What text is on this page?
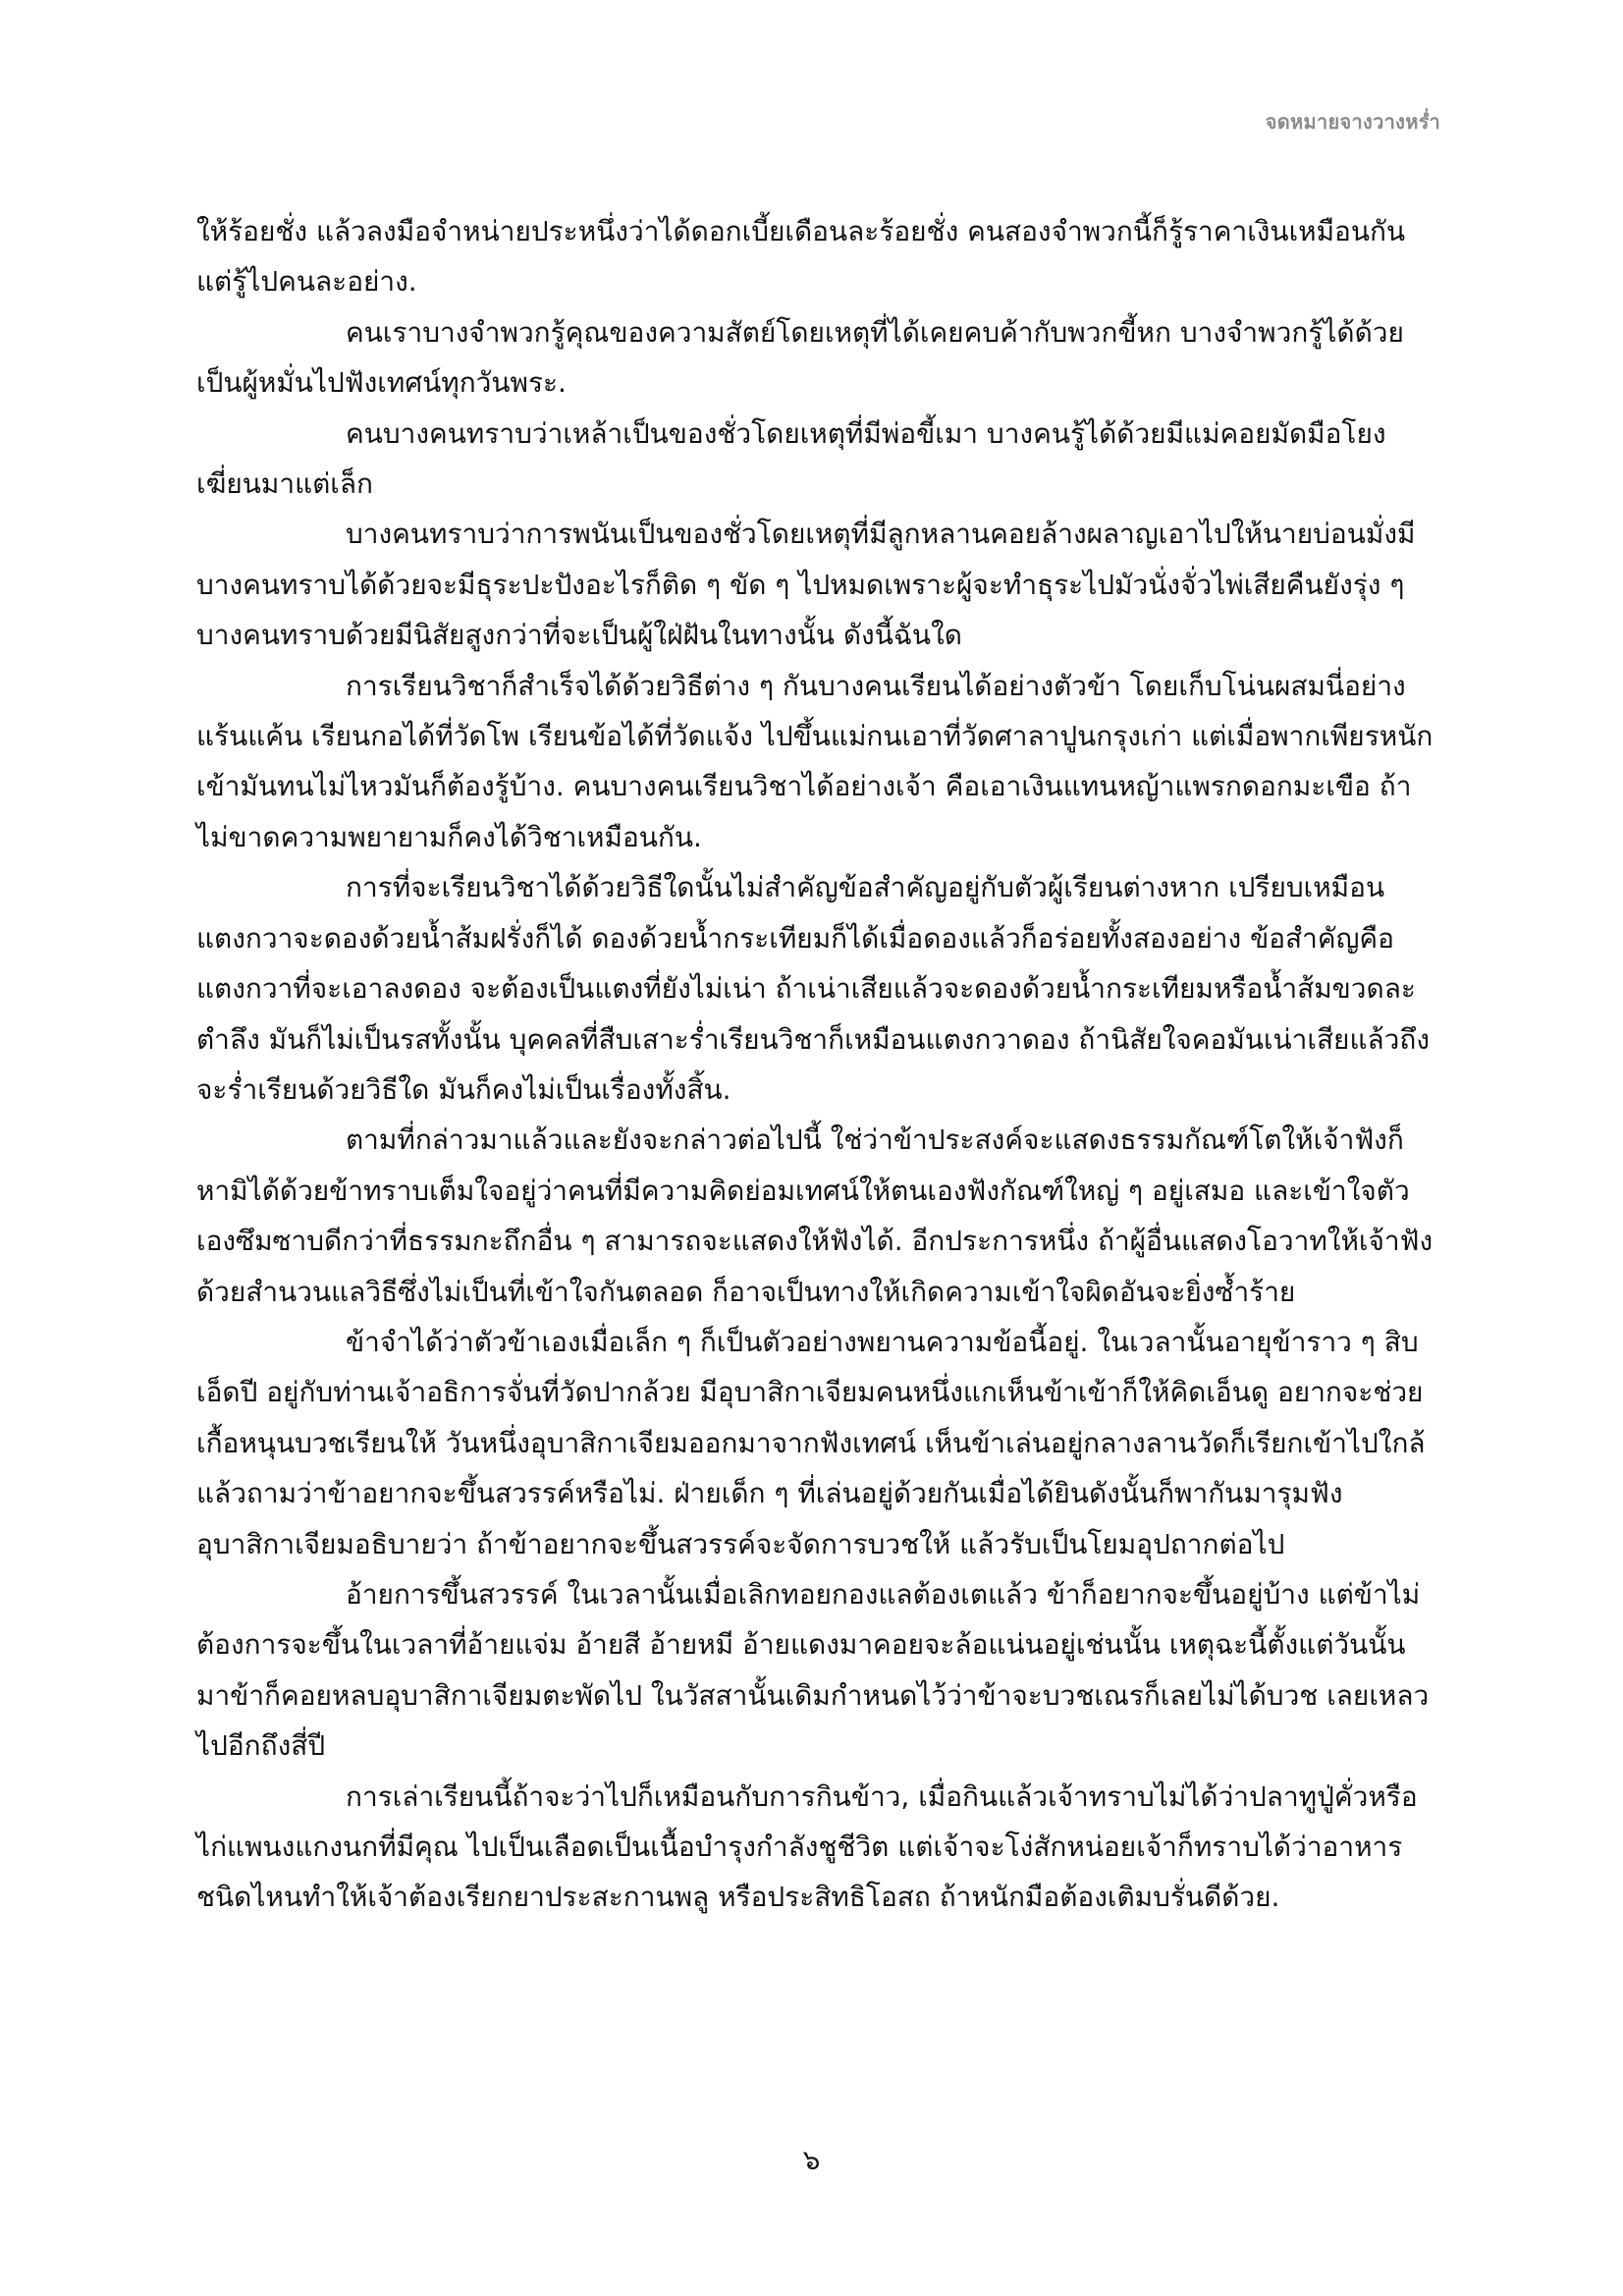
จดหมายจางวางหร่ำ

ให้ร้อยชั่ง แล้วลงมือจำหน่ายประหนึ่งว่าได้ดอกเบี้ยเดือนละร้อยชั่ง คนสองจำพวกนี้ก็รู้ราคาเงินเหมือนกันแต่รู้ไปคนละอย่าง.

คนเราบางจำพวกรู้คุณของความสัตย์โดยเหตุที่ได้เคยคบค้ากับพวกขี้หก บางจำพวกรู้ได้ด้วยเป็นผู้หมั่นไปฟังเทศน์ทุกวันพระ.

คนบางคนทราบว่าเหล้าเป็นของชั่วโดยเหตุที่มีพ่อขี้เมา บางคนรู้ได้ด้วยมีแม่คอยมัดมือโยงเฆี่ยนมาแต่เล็ก

บางคนทราบว่าการพนันเป็นของชั่วโดยเหตุที่มีลูกหลานคอยล้างผลาญเอาไปให้นายบ่อนมั่งมี บางคนทราบได้ด้วยจะมีธุระปะปังอะไรก็ติด ๆ ขัด ๆ ไปหมดเพราะผู้จะทำธุระไปมัวนั่งจั่วไพ่เสียคืนยังรุ่ง ๆ บางคนทราบด้วยมีนิสัยสูงกว่าที่จะเป็นผู้ใฝ่ฝันในทางนั้น ดังนี้ฉันใด

การเรียนวิชาก็สำเร็จได้ด้วยวิธีต่าง ๆ กันบางคนเรียนได้อย่างตัวข้า โดยเก็บโน่นผสมนี่อย่างแร้นแค้น เรียนกอได้ที่วัดโพ เรียนข้อได้ที่วัดแจ้ง ไปขึ้นแม่กนเอาที่วัดศาลาปูนกรุงเก่า แต่เมื่อพากเพียรหนักเข้ามันทนไม่ไหวมันก็ต้องรู้บ้าง. คนบางคนเรียนวิชาได้อย่างเจ้า คือเอาเงินแทนหญ้าแพรกดอกมะเขือ ถ้าไม่ขาดความพยายามก็คงได้วิชาเหมือนกัน.

การที่จะเรียนวิชาได้ด้วยวิธีใดนั้นไม่สำคัญข้อสำคัญอยู่กับตัวผู้เรียนต่างหาก เปรียบเหมือนแตงกวาจะดองด้วยน้ำส้มฝรั่งก็ได้ ดองด้วยน้ำกระเทียมก็ได้เมื่อดองแล้วก็อร่อยทั้งสองอย่าง ข้อสำคัญคือแตงกวาที่จะเอาลงดอง จะต้องเป็นแตงที่ยังไม่เน่า ถ้าเน่าเสียแล้วจะดองด้วยน้ำกระเทียมหรือน้ำส้มขวดละตำลึง มันก็ไม่เป็นรสทั้งนั้น บุคคลที่สืบเสาะร่ำเรียนวิชาก็เหมือนแตงกวาดอง ถ้านิสัยใจคอมันเน่าเสียแล้วถึงจะร่ำเรียนด้วยวิธีใด มันก็คงไม่เป็นเรื่องทั้งสิ้น.

ตามที่กล่าวมาแล้วและยังจะกล่าวต่อไปนี้ ใช่ว่าข้าประสงค์จะแสดงธรรมกัณฑ์โตให้เจ้าฟังก็หามิได้ด้วยข้าทราบเต็มใจอยู่ว่าคนที่มีความคิดย่อมเทศน์ให้ตนเองฟังกัณฑ์ใหญ่ ๆ อยู่เสมอ และเข้าใจตัวเองซึมซาบดีกว่าที่ธรรมกะถึกอื่น ๆ สามารถจะแสดงให้ฟังได้. อีกประการหนึ่ง ถ้าผู้อื่นแสดงโอวาทให้เจ้าฟังด้วยสำนวนแลวิธีซึ่งไม่เป็นที่เข้าใจกันตลอด ก็อาจเป็นทางให้เกิดความเข้าใจผิดอันจะยิ่งซ้ำร้าย

ข้าจำได้ว่าตัวข้าเองเมื่อเล็ก ๆ ก็เป็นตัวอย่างพยานความข้อนี้อยู่. ในเวลานั้นอายุข้าราว ๆ สิบเอ็ดปี อยู่กับท่านเจ้าอธิการจั่นที่วัดปากล้วย มีอุบาสิกาเจียมคนหนึ่งแกเห็นข้าเข้าก็ให้คิดเอ็นดู อยากจะช่วยเกื้อหนุนบวชเรียนให้ วันหนึ่งอุบาสิกาเจียมออกมาจากฟังเทศน์ เห็นข้าเล่นอยู่กลางลานวัดก็เรียกเข้าไปใกล้แล้วถามว่าข้าอยากจะขึ้นสวรรค์หรือไม่. ฝ่ายเด็ก ๆ ที่เล่นอยู่ด้วยกันเมื่อได้ยินดังนั้นก็พากันมารุมฟังอุบาสิกาเจียมอธิบายว่า ถ้าข้าอยากจะขึ้นสวรรค์จะจัดการบวชให้ แล้วรับเป็นโยมอุปถากต่อไป

อ้ายการขึ้นสวรรค์ ในเวลานั้นเมื่อเลิกทอยกองแลต้องเตแล้ว ข้าก็อยากจะขึ้นอยู่บ้าง แต่ข้าไม่ต้องการจะขึ้นในเวลาที่อ้ายแจ่ม อ้ายสี อ้ายหมี อ้ายแดงมาคอยจะล้อแน่นอยู่เช่นนั้น เหตุฉะนี้ตั้งแต่วันนั้นมาข้าก็คอยหลบอุบาสิกาเจียมตะพัดไป ในวัสสานั้นเดิมกำหนดไว้ว่าข้าจะบวชเณรก็เลยไม่ได้บวช เลยเหลวไปอีกถึงสี่ปี

การเล่าเรียนนี้ถ้าจะว่าไปก็เหมือนกับการกินข้าว, เมื่อกินแล้วเจ้าทราบไม่ได้ว่าปลาทูปู่คั่วหรือไก่แพนงแกงนกที่มีคุณ ไปเป็นเลือดเป็นเนื้อบำรุงกำลังชูชีวิต แต่เจ้าจะโง่สักหน่อยเจ้าก็ทราบได้ว่าอาหารชนิดไหนทำให้เจ้าต้องเรียกยาประสะกานพลู หรือประสิทธิโอสถ ถ้าหนักมือต้องเติมบรั่นดีด้วย.

๖
